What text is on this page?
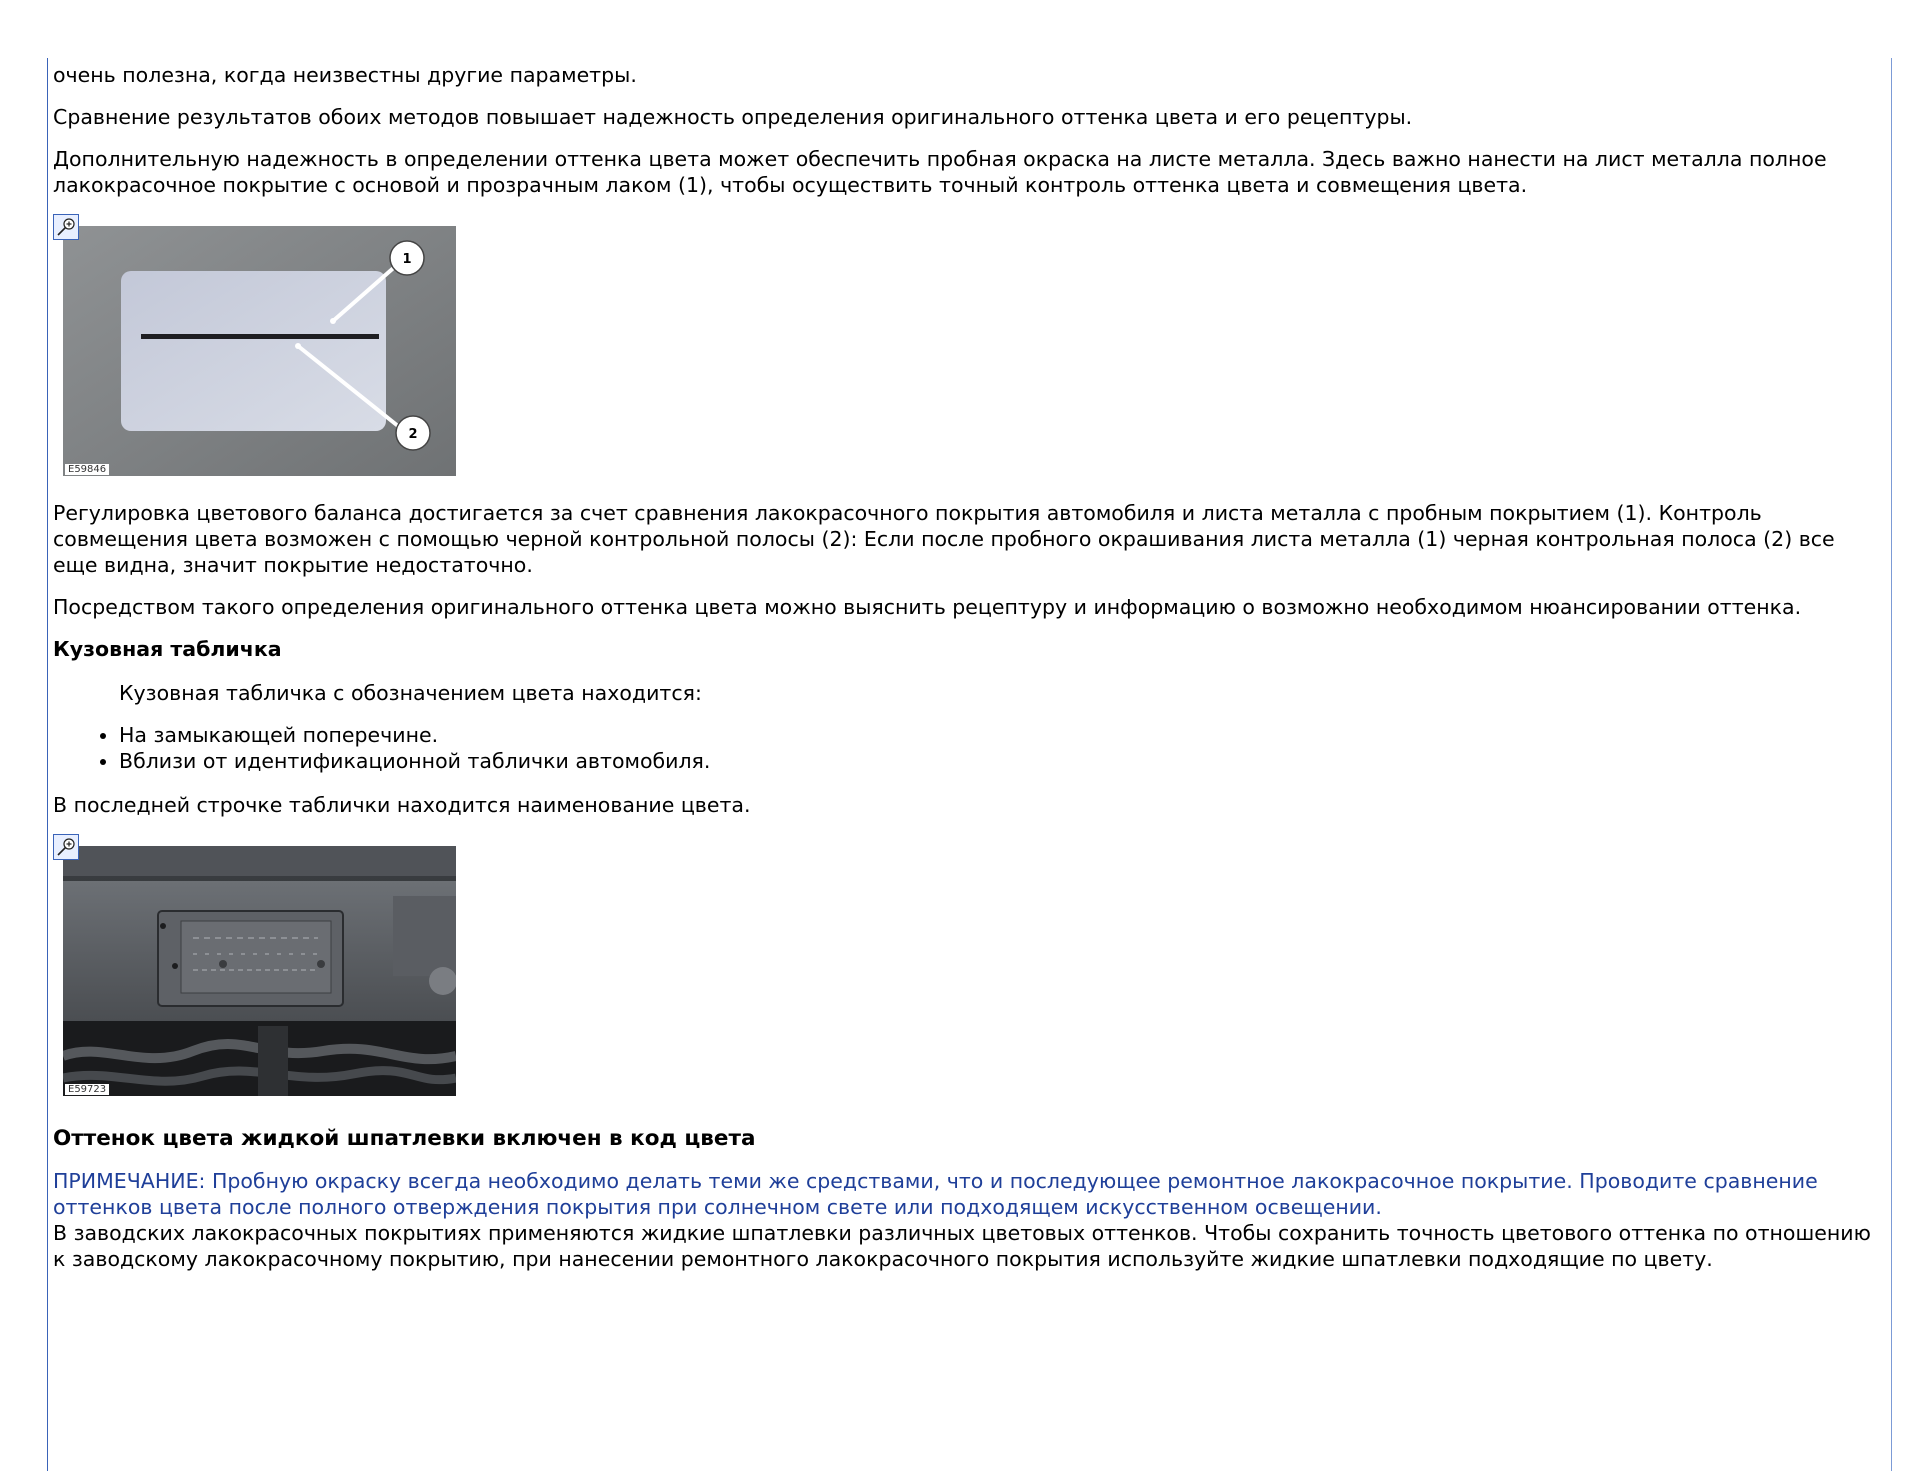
очень полезна, когда неизвестны другие параметры.

Сравнение результатов обоих методов повышает надежность определения оригинального оттенка цвета и его рецептуры.

Дополнительную надежность в определении оттенка цвета может обеспечить пробная окраска на листе металла. Здесь важно нанести на лист металла полное лакокрасочное покрытие с основой и прозрачным лаком (1), чтобы осуществить точный контроль оттенка цвета и совмещения цвета.

1
2
E59846

Регулировка цветового баланса достигается за счет сравнения лакокрасочного покрытия автомобиля и листа металла с пробным покрытием (1). Контроль совмещения цвета возможен с помощью черной контрольной полосы (2): Если после пробного окрашивания листа металла (1) черная контрольная полоса (2) все еще видна, значит покрытие недостаточно.

Посредством такого определения оригинального оттенка цвета можно выяснить рецептуру и информацию о возможно необходимом нюансировании оттенка.

Кузовная табличка

Кузовная табличка с обозначением цвета находится:

• На замыкающей поперечине.
• Вблизи от идентификационной таблички автомобиля.

В последней строчке таблички находится наименование цвета.

E59723
Оттенок цвета жидкой шпатлевки включен в код цвета

ПРИМЕЧАНИЕ: Пробную окраску всегда необходимо делать теми же средствами, что и последующее ремонтное лакокрасочное покрытие. Проводите сравнение оттенков цвета после полного отверждения покрытия при солнечном свете или подходящем искусственном освещении.

В заводских лакокрасочных покрытиях применяются жидкие шпатлевки различных цветовых оттенков. Чтобы сохранить точность цветового оттенка по отношению к заводскому лакокрасочному покрытию, при нанесении ремонтного лакокрасочного покрытия используйте жидкие шпатлевки подходящие по цвету.
